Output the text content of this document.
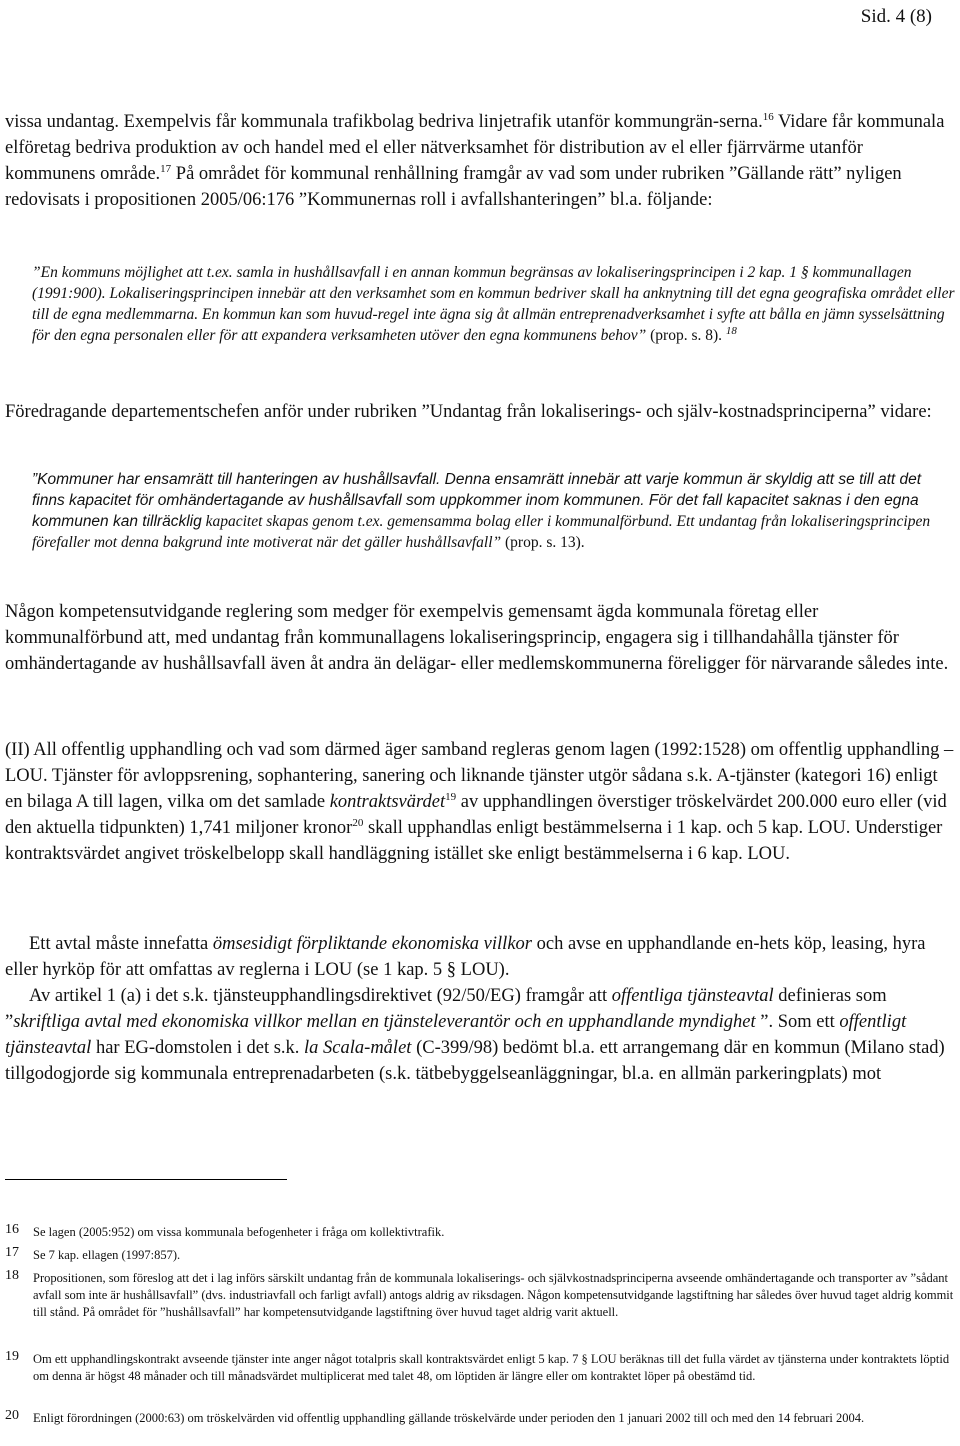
Sid. 4 (8)

vissa undantag. Exempelvis får kommunala trafikbolag bedriva linjetrafik utanför kommungrän-serna.$^{16}$ Vidare får kommunala elföretag bedriva produktion av och handel med el eller nätverksamhet för distribution av el eller fjärrvärme utanför kommunens område.$^{17}$ På området för kommunal renhållning framgår av vad som under rubriken ”Gällande rätt” nyligen redovisats i propositionen 2005/06:176 ”Kommunernas roll i avfallshanteringen” bl.a. följande:

”En kommuns möjlighet att t.ex. samla in hushållsavfall i en annan kommun begränsas av lokaliseringsprincipen i 2 kap. 1 § kommunallagen (1991:900). Lokaliseringsprincipen innebär att den verksamhet som en kommun bedriver skall ha anknytning till det egna geografiska området eller till de egna medlemmarna. En kommun kan som huvud-regel inte ägna sig åt allmän entreprenadverksamhet i syfte att bålla en jämn sysselsättning för den egna personalen eller för att expandera verksamheten utöver den egna kommunens behov” (prop. s. 8). $^{18}$

Föredragande departementschefen anför under rubriken ”Undantag från lokaliserings- och själv-kostnadsprinciperna” vidare:

”Kommuner har ensamrätt till hanteringen av hushållsavfall. Denna ensamrätt innebär att varje kommun är skyldig att se till att det finns kapacitet för omhändertagande av hushållsavfall som uppkommer inom kommunen. För det fall kapacitet saknas i den egna kommunen kan tillräcklig kapacitet skapas genom t.ex. gemensamma bolag eller i kommunalförbund. Ett undantag från lokaliseringsprincipen förefaller mot denna bakgrund inte motiverat när det gäller hushållsavfall” (prop. s. 13).

Någon kompetensutvidgande reglering som medger för exempelvis gemensamt ägda kommunala företag eller kommunalförbund att, med undantag från kommunallagens lokaliseringsprincip, engagera sig i tillhandahålla tjänster för omhändertagande av hushållsavfall även åt andra än delägar- eller medlemskommunerna föreligger för närvarande således inte.

(II) All offentlig upphandling och vad som därmed äger samband regleras genom lagen (1992:1528) om offentlig upphandling – LOU. Tjänster för avloppsrening, sophantering, sanering och liknande tjänster utgör sådana s.k. A-tjänster (kategori 16) enligt en bilaga A till lagen, vilka om det samlade kontraktsvärdet$^{19}$ av upphandlingen överstiger tröskelvärdet 200.000 euro eller (vid den aktuella tidpunkten) 1,741 miljoner kronor$^{20}$ skall upphandlas enligt bestämmelserna i 1 kap. och 5 kap. LOU. Understiger kontraktsvärdet angivet tröskelbelopp skall handläggning istället ske enligt bestämmelserna i 6 kap. LOU.

Ett avtal måste innefatta ömsesidigt förpliktande ekonomiska villkor och avse en upphandlande en-hets köp, leasing, hyra eller hyrköp för att omfattas av reglerna i LOU (se 1 kap. 5 § LOU).

Av artikel 1 (a) i det s.k. tjänsteupphandlingsdirektivet (92/50/EG) framgår att offentliga tjänsteavtal definieras som ”skriftliga avtal med ekonomiska villkor mellan en tjänsteleverantör och en upphandlande myndighet ”. Som ett offentligt tjänsteavtal har EG-domstolen i det s.k. la Scala-målet (C-399/98) bedömt bl.a. ett arrangemang där en kommun (Milano stad) tillgodogjorde sig kommunala entreprenadarbeten (s.k. tätbebyggelseanläggningar, bl.a. en allmän parkeringplats) mot

16 Se lagen (2005:952) om vissa kommunala befogenheter i fråga om kollektivtrafik.
17 Se 7 kap. ellagen (1997:857).
18 Propositionen, som föreslog att det i lag införs särskilt undantag från de kommunala lokaliserings- och självkostnadsprinciperna avseende omhändertagande och transporter av ”sådant avfall som inte är hushållsavfall” (dvs. industriavfall och farligt avfall) antogs aldrig av riksdagen. Någon kompetensutvidgande lagstiftning har således över huvud taget aldrig kommit till stånd. På området för ”hushållsavfall” har kompetensutvidgande lagstiftning över huvud taget aldrig varit aktuell.
19 Om ett upphandlingskontrakt avseende tjänster inte anger något totalpris skall kontraktsvärdet enligt 5 kap. 7 § LOU beräknas till det fulla värdet av tjänsterna under kontraktets löptid om denna är högst 48 månader och till månadsvärdet multiplicerat med talet 48, om löptiden är längre eller om kontraktet löper på obestämd tid.
20 Enligt förordningen (2000:63) om tröskelvärden vid offentlig upphandling gällande tröskelvärde under perioden den 1 januari 2002 till och med den 14 februari 2004.
